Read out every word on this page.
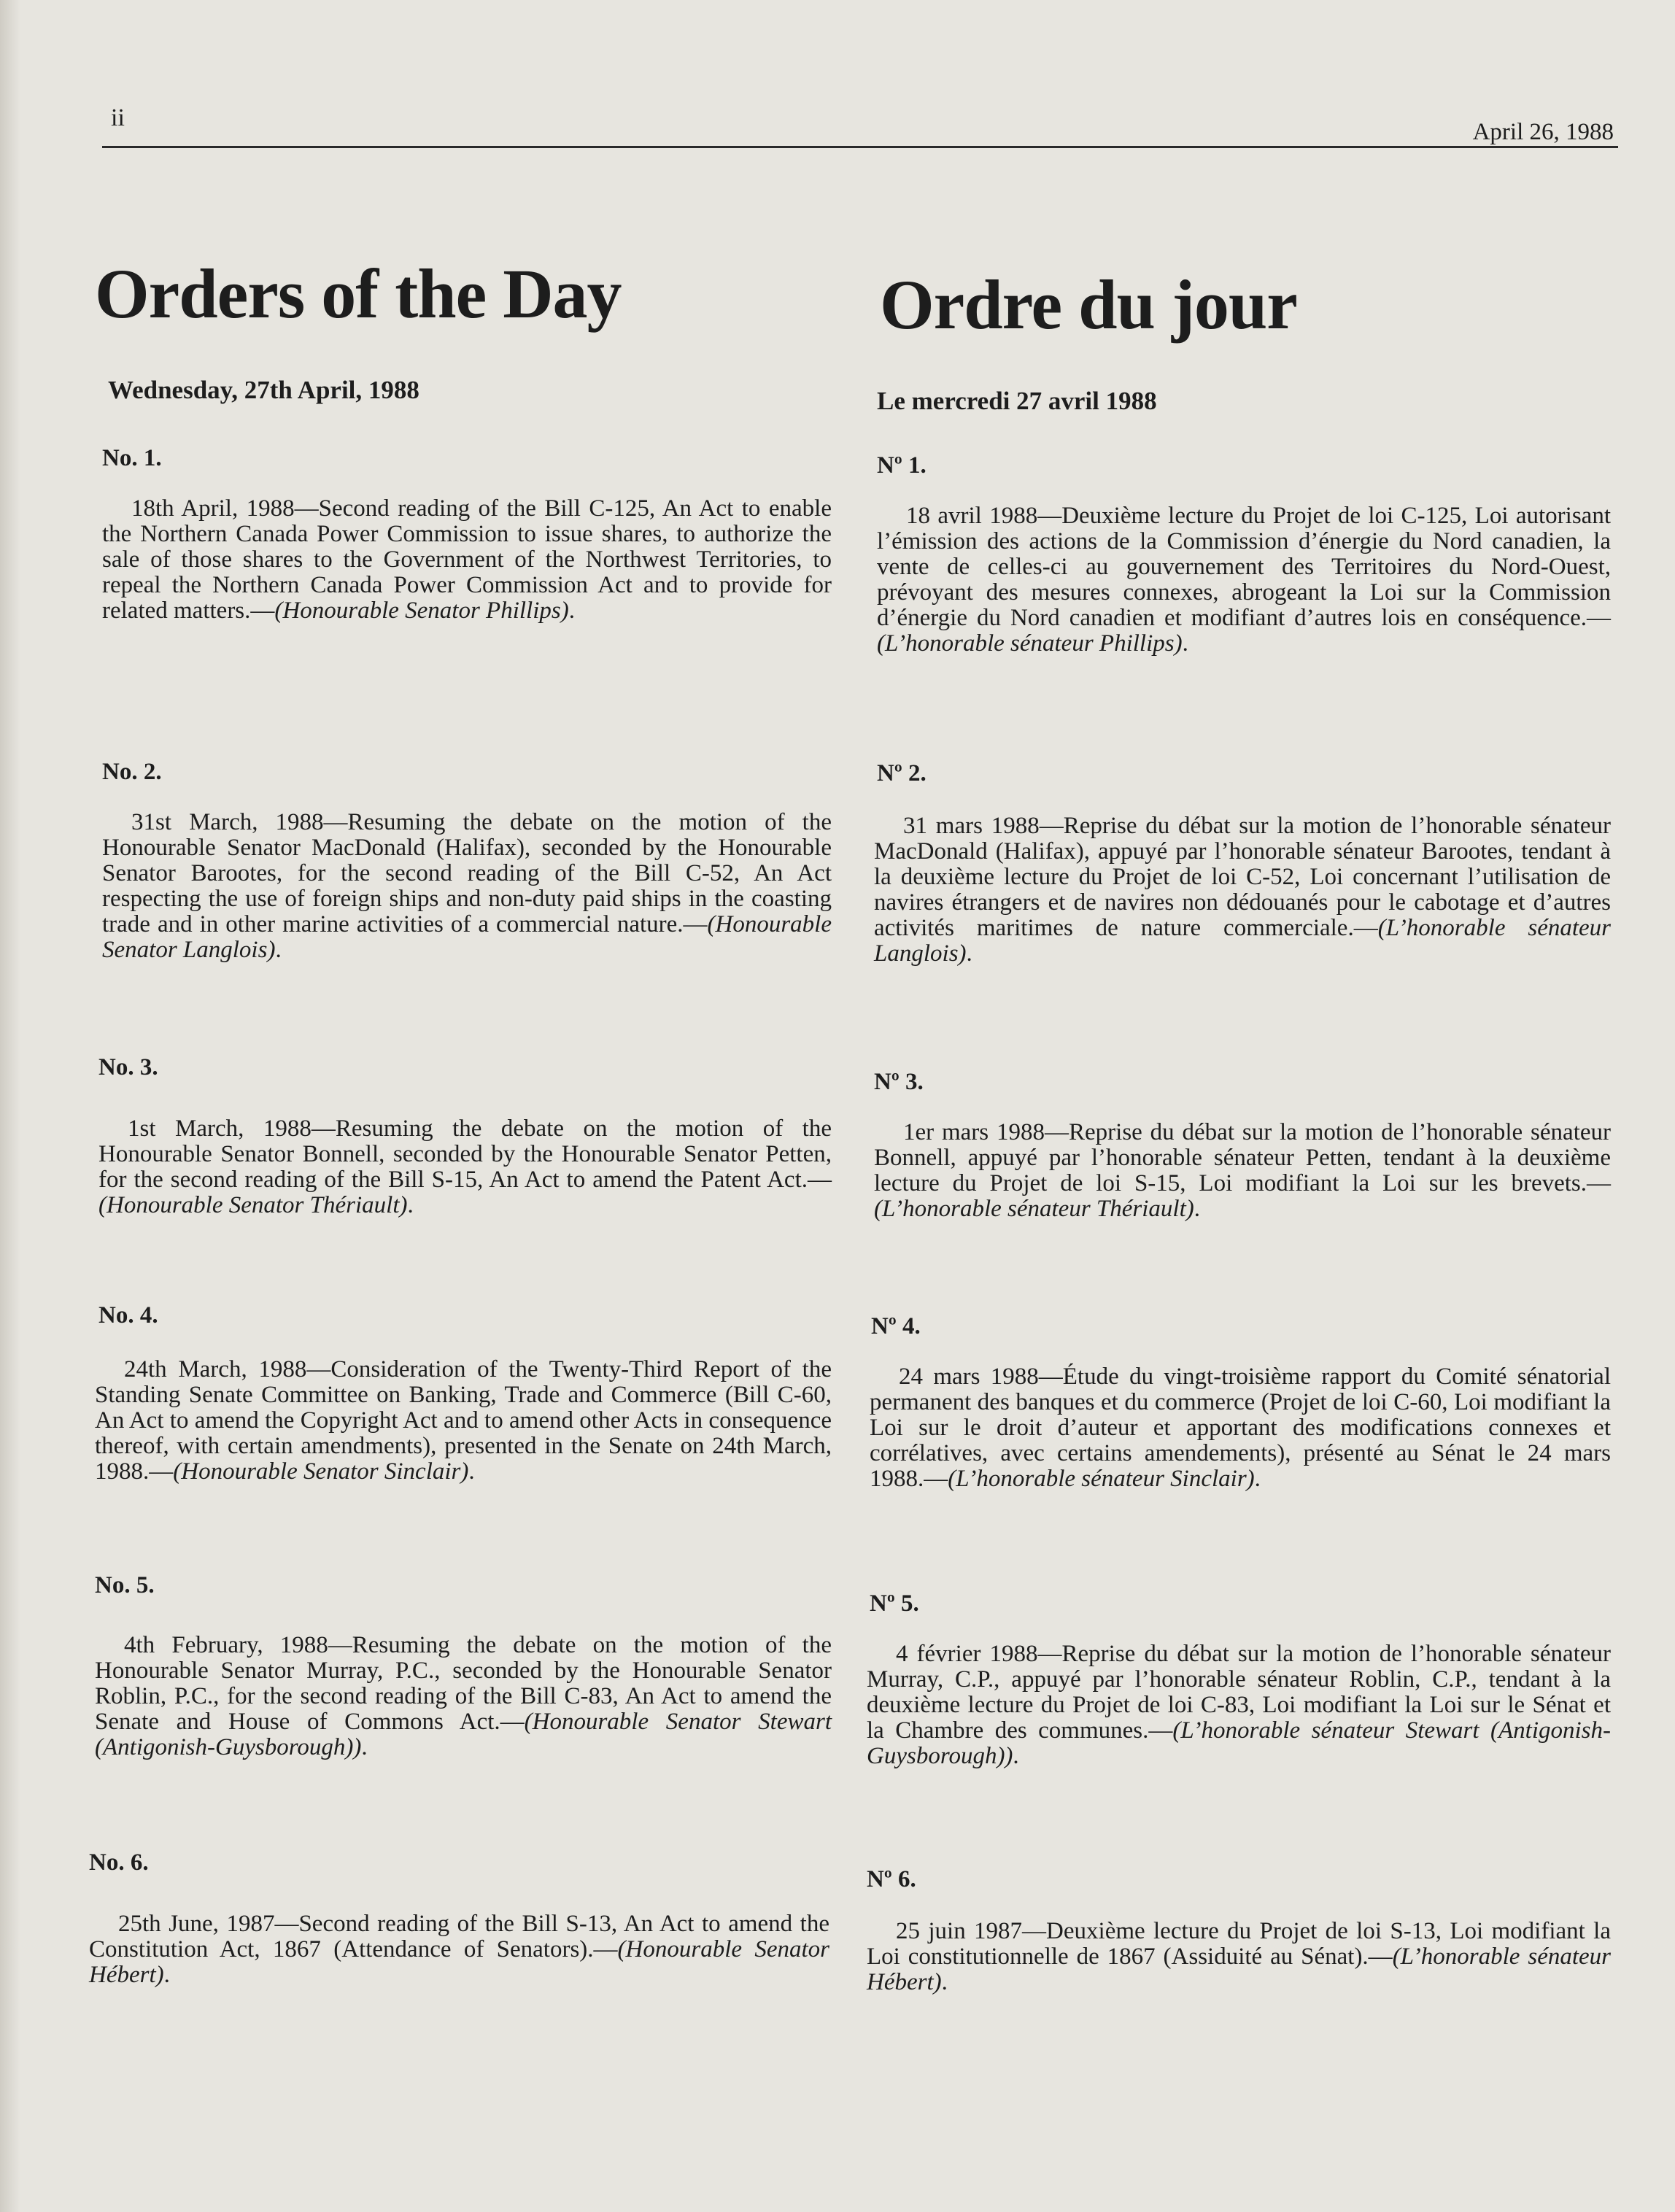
ii
April 26, 1988
Orders of the Day

Wednesday, 27th April, 1988

No. 1.

18th April, 1988—Second reading of the Bill C-125, An Act to enable the Northern Canada Power Commission to issue shares, to authorize the sale of those shares to the Government of the Northwest Territories, to repeal the Northern Canada Power Commission Act and to provide for related matters.—(Honourable Senator Phillips).

No. 2.

31st March, 1988—Resuming the debate on the motion of the Honourable Senator MacDonald (Halifax), seconded by the Honourable Senator Barootes, for the second reading of the Bill C-52, An Act respecting the use of foreign ships and non-duty paid ships in the coasting trade and in other marine activities of a commercial nature.—(Honourable Senator Langlois).

No. 3.

1st March, 1988—Resuming the debate on the motion of the Honourable Senator Bonnell, seconded by the Honourable Senator Petten, for the second reading of the Bill S-15, An Act to amend the Patent Act.—(Honourable Senator Thériault).

No. 4.

24th March, 1988—Consideration of the Twenty-Third Report of the Standing Senate Committee on Banking, Trade and Commerce (Bill C-60, An Act to amend the Copyright Act and to amend other Acts in consequence thereof, with certain amendments), presented in the Senate on 24th March, 1988.—(Honourable Senator Sinclair).

No. 5.

4th February, 1988—Resuming the debate on the motion of the Honourable Senator Murray, P.C., seconded by the Honourable Senator Roblin, P.C., for the second reading of the Bill C-83, An Act to amend the Senate and House of Commons Act.—(Honourable Senator Stewart (Antigonish-Guysborough)).

No. 6.

25th June, 1987—Second reading of the Bill S-13, An Act to amend the Constitution Act, 1867 (Attendance of Senators).—(Honourable Senator Hébert).

Ordre du jour

Le mercredi 27 avril 1988

Nº 1.

18 avril 1988—Deuxième lecture du Projet de loi C-125, Loi autorisant l’émission des actions de la Commission d’énergie du Nord canadien, la vente de celles-ci au gouvernement des Territoires du Nord-Ouest, prévoyant des mesures connexes, abrogeant la Loi sur la Commission d’énergie du Nord canadien et modifiant d’autres lois en conséquence.—(L’honorable sénateur Phillips).

Nº 2.

31 mars 1988—Reprise du débat sur la motion de l’honorable sénateur MacDonald (Halifax), appuyé par l’honorable sénateur Barootes, tendant à la deuxième lecture du Projet de loi C-52, Loi concernant l’utilisation de navires étrangers et de navires non dédouanés pour le cabotage et d’autres activités maritimes de nature commerciale.—(L’honorable sénateur Langlois).

Nº 3.

1er mars 1988—Reprise du débat sur la motion de l’honorable sénateur Bonnell, appuyé par l’honorable sénateur Petten, tendant à la deuxième lecture du Projet de loi S-15, Loi modifiant la Loi sur les brevets.—(L’honorable sénateur Thériault).

Nº 4.

24 mars 1988—Étude du vingt-troisième rapport du Comité sénatorial permanent des banques et du commerce (Projet de loi C-60, Loi modifiant la Loi sur le droit d’auteur et apportant des modifications connexes et corrélatives, avec certains amendements), présenté au Sénat le 24 mars 1988.—(L’honorable sénateur Sinclair).

Nº 5.

4 février 1988—Reprise du débat sur la motion de l’honorable sénateur Murray, C.P., appuyé par l’honorable sénateur Roblin, C.P., tendant à la deuxième lecture du Projet de loi C-83, Loi modifiant la Loi sur le Sénat et la Chambre des communes.—(L’honorable sénateur Stewart (Antigonish-Guysborough)).

Nº 6.

25 juin 1987—Deuxième lecture du Projet de loi S-13, Loi modifiant la Loi constitutionnelle de 1867 (Assiduité au Sénat).—(L’honorable sénateur Hébert).
